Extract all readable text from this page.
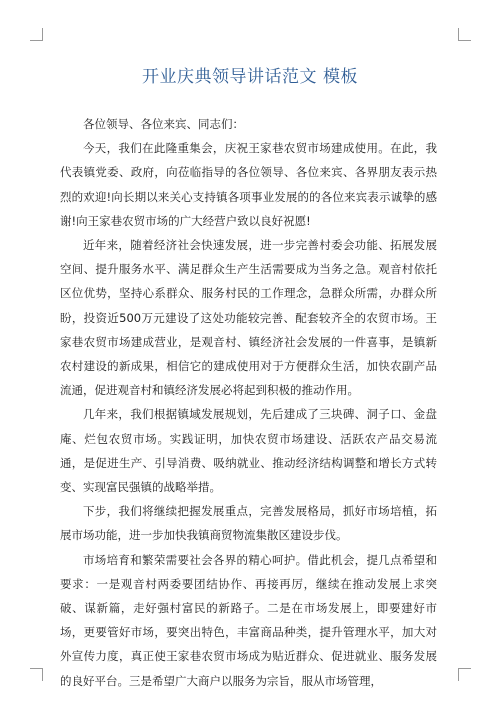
开业庆典领导讲话范文 模板

各位领导、各位来宾、同志们：

今天，我们在此隆重集会，庆祝王家巷农贸市场建成使用。在此，我代表镇党委、政府，向莅临指导的各位领导、各位来宾、各界朋友表示热烈的欢迎!向长期以来关心支持镇各项事业发展的的各位来宾表示诚挚的感谢!向王家巷农贸市场的广大经营户致以良好祝愿!

近年来，随着经济社会快速发展，进一步完善村委会功能、拓展发展空间、提升服务水平、满足群众生产生活需要成为当务之急。观音村依托区位优势，坚持心系群众、服务村民的工作理念，急群众所需，办群众所盼，投资近500万元建设了这处功能较完善、配套较齐全的农贸市场。王家巷农贸市场建成营业，是观音村、镇经济社会发展的一件喜事，是镇新农村建设的新成果，相信它的建成使用对于方便群众生活，加快农副产品流通，促进观音村和镇经济发展必将起到积极的推动作用。

几年来，我们根据镇域发展规划，先后建成了三块碑、洞子口、金盘庵、烂包农贸市场。实践证明，加快农贸市场建设、活跃农产品交易流通，是促进生产、引导消费、吸纳就业、推动经济结构调整和增长方式转变、实现富民强镇的战略举措。

下步，我们将继续把握发展重点，完善发展格局，抓好市场培植，拓展市场功能，进一步加快我镇商贸物流集散区建设步伐。

市场培育和繁荣需要社会各界的精心呵护。借此机会，提几点希望和要求：一是观音村两委要团结协作、再接再厉，继续在推动发展上求突破、谋新篇，走好强村富民的新路子。二是在市场发展上，即要建好市场，更要管好市场，要突出特色，丰富商品种类，提升管理水平，加大对外宣传力度，真正使王家巷农贸市场成为贴近群众、促进就业、服务发展的良好平台。三是希望广大商户以服务为宗旨，服从市场管理，
